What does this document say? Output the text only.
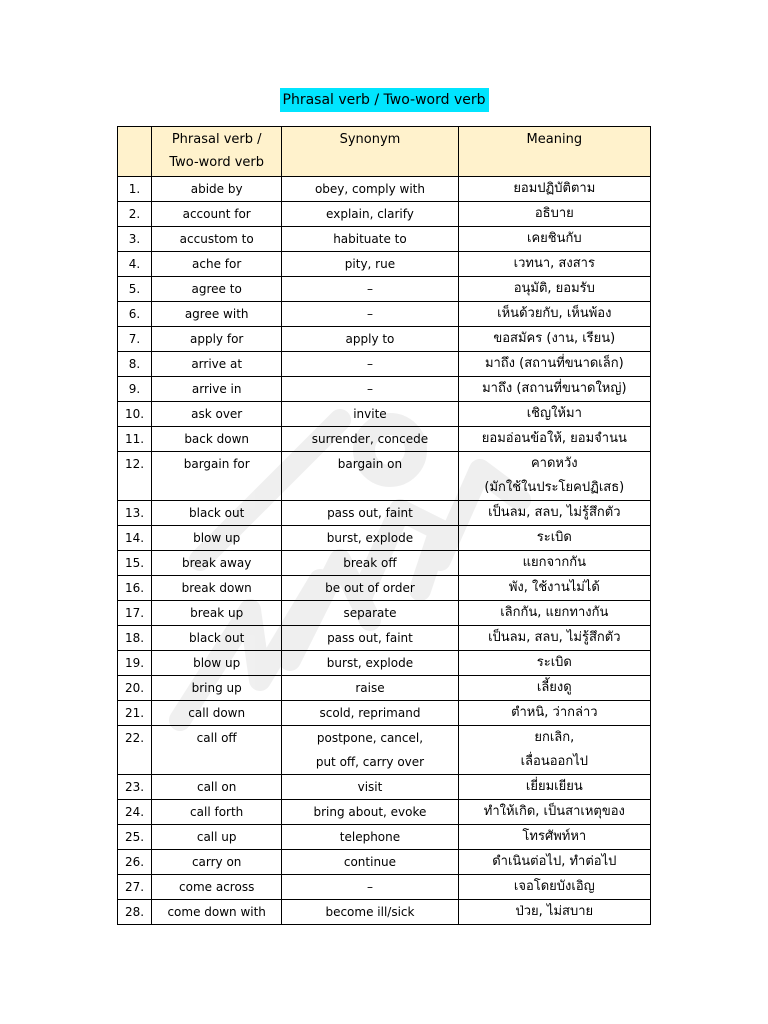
Phrasal verb / Two-word verb

	Phrasal verb /
Two-word verb	Synonym	Meaning
1.	abide by	obey, comply with	ยอมปฏิบัติตาม

2.	account for	explain, clarify	อธิบาย

3.	accustom to	habituate to	เคยชินกับ

4.	ache for	pity, rue	เวทนา, สงสาร

5.	agree to	–	อนุมัติ, ยอมรับ

6.	agree with	–	เห็นด้วยกับ, เห็นพ้อง

7.	apply for	apply to	ขอสมัคร (งาน, เรียน)

8.	arrive at	–	มาถึง (สถานที่ขนาดเล็ก)

9.	arrive in	–	มาถึง (สถานที่ขนาดใหญ่)

10.	ask over	invite	เชิญให้มา

11.	back down	surrender, concede	ยอมอ่อนข้อให้, ยอมจำนน

12.	bargain for	bargain on	คาดหวัง
(มักใช้ในประโยคปฏิเสธ)

13.	black out	pass out, faint	เป็นลม, สลบ, ไม่รู้สึกตัว

14.	blow up	burst, explode	ระเบิด

15.	break away	break off	แยกจากกัน

16.	break down	be out of order	พัง, ใช้งานไม่ได้

17.	break up	separate	เลิกกัน, แยกทางกัน

18.	black out	pass out, faint	เป็นลม, สลบ, ไม่รู้สึกตัว

19.	blow up	burst, explode	ระเบิด

20.	bring up	raise	เลี้ยงดู

21.	call down	scold, reprimand	ตำหนิ, ว่ากล่าว

22.	call off	postpone, cancel,
put off, carry over	ยกเลิก,
เลื่อนออกไป

23.	call on	visit	เยี่ยมเยียน

24.	call forth	bring about, evoke	ทำให้เกิด, เป็นสาเหตุของ

25.	call up	telephone	โทรศัพท์หา

26.	carry on	continue	ดำเนินต่อไป, ทำต่อไป

27.	come across	–	เจอโดยบังเอิญ

28.	come down with	become ill/sick	ป่วย, ไม่สบาย
